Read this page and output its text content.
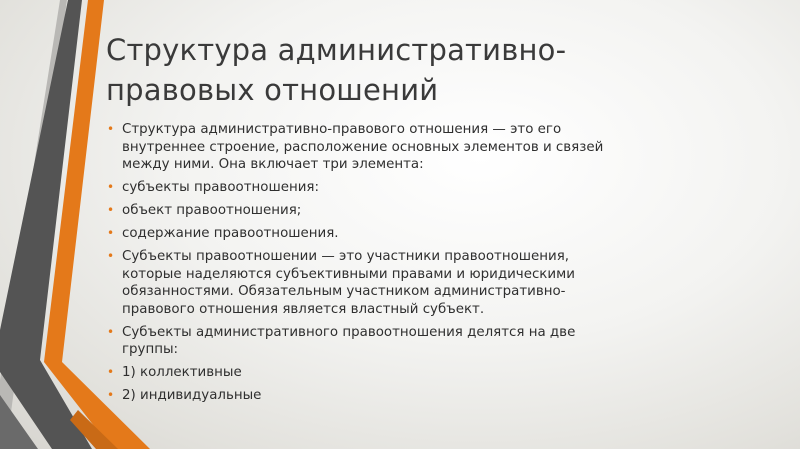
Структура административно-
правовых отношений
• Структура административно-правового отношения — это его
внутреннее строение, расположение основных элементов и связей
между ними. Она включает три элемента:
• субъекты правоотношения:
• объект правоотношения;
• содержание правоотношения.
• Субъекты правоотношении — это участники правоотношения,
которые наделяются субъективными правами и юридическими
обязанностями. Обязательным участником административно-
правового отношения является властный субъект.
• Субъекты административного правоотношения делятся на две
группы:
• 1) коллективные
• 2) индивидуальные
